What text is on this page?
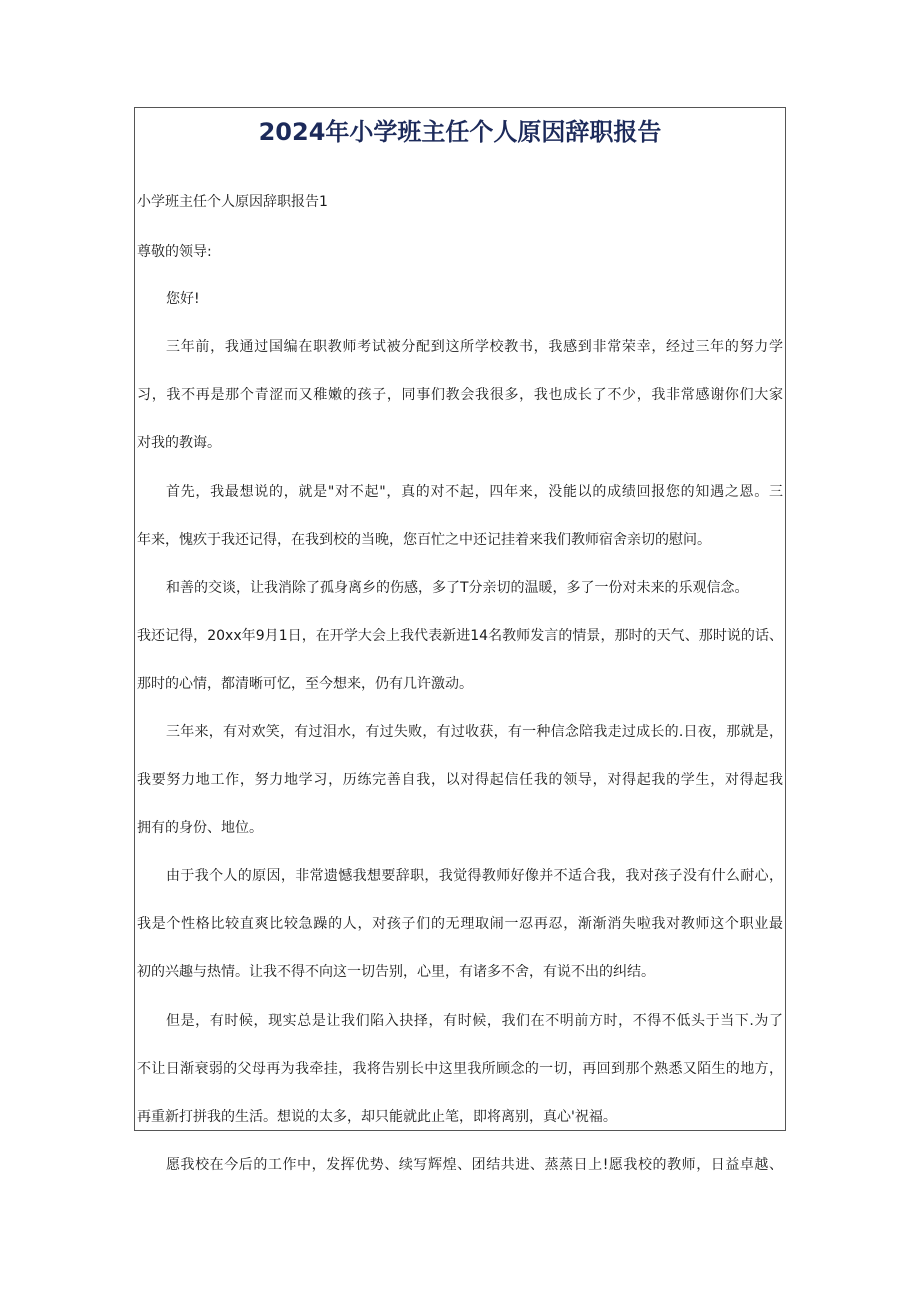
2024年小学班主任个人原因辞职报告
小学班主任个人原因辞职报告1
尊敬的领导:
您好!
三年前，我通过国编在职教师考试被分配到这所学校教书，我感到非常荣幸，经过三年的努力学
习，我不再是那个青涩而又稚嫩的孩子，同事们教会我很多，我也成长了不少，我非常感谢你们大家
对我的教诲。
首先，我最想说的，就是"对不起"，真的对不起，四年来，没能以的成绩回报您的知遇之恩。三
年来，愧疚于我还记得，在我到校的当晚，您百忙之中还记挂着来我们教师宿舍亲切的慰问。
和善的交谈，让我消除了孤身离乡的伤感，多了T分亲切的温暖，多了一份对未来的乐观信念。
我还记得，20xx年9月1日，在开学大会上我代表新进14名教师发言的情景，那时的天气、那时说的话、
那时的心情，都清晰可忆，至今想来，仍有几许激动。
三年来，有对欢笑，有过泪水，有过失败，有过收获，有一种信念陪我走过成长的.日夜，那就是，
我要努力地工作，努力地学习，历练完善自我，以对得起信任我的领导，对得起我的学生，对得起我
拥有的身份、地位。
由于我个人的原因，非常遗憾我想要辞职，我觉得教师好像并不适合我，我对孩子没有什么耐心，
我是个性格比较直爽比较急躁的人，对孩子们的无理取闹一忍再忍，渐渐消失啦我对教师这个职业最
初的兴趣与热情。让我不得不向这一切告别，心里，有诸多不舍，有说不出的纠结。
但是，有时候，现实总是让我们陷入抉择，有时候，我们在不明前方时，不得不低头于当下.为了
不让日渐衰弱的父母再为我牵挂，我将告别长中这里我所顾念的一切，再回到那个熟悉又陌生的地方，
再重新打拼我的生活。想说的太多，却只能就此止笔，即将离别，真心'祝福。
愿我校在今后的工作中，发挥优势、续写辉煌、团结共进、蒸蒸日上!愿我校的教师，日益卓越、
